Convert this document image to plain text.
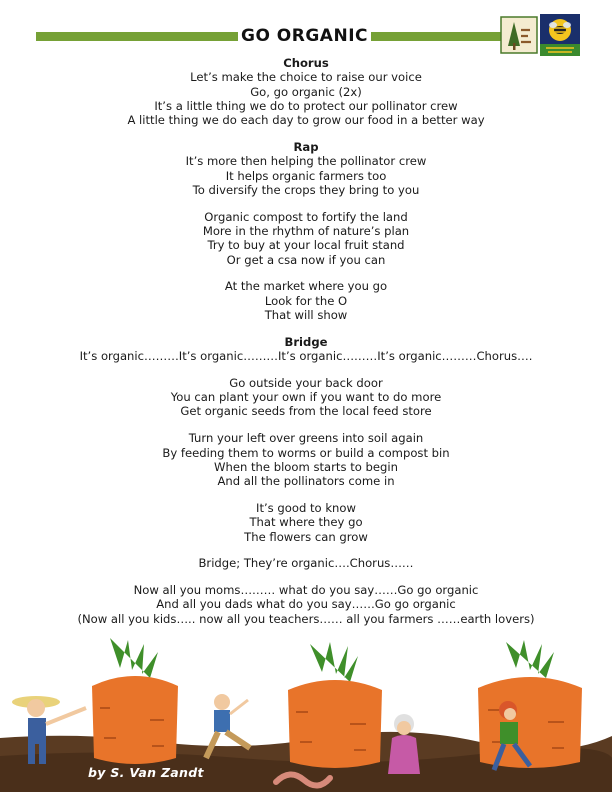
GO ORGANIC
Chorus
Let’s make the choice to raise our voice
Go, go organic (2x)
It’s a little thing we do to protect our pollinator crew
A little thing we do each day to grow our food in a better way
Rap
It’s more then helping the pollinator crew
It helps organic farmers too
To diversify the crops they bring to you
Organic compost to fortify the land
More in the rhythm of nature’s plan
Try to buy at your local fruit stand
Or get a csa now if you can
At the market where you go
Look for the O
That will show
Bridge
It’s organic………It’s organic………It’s organic………It’s organic………Chorus….
Go outside your back door
You can plant your own if you want to do more
Get organic seeds from the local feed store
Turn your left over greens into soil again
By feeding them to worms or build a compost bin
When the bloom starts to begin
And all the pollinators come in
It’s good to know
That where they go
The flowers can grow
Bridge; They’re organic….Chorus……
Now all you moms……… what do you say……Go go organic
And all you dads what do you say……Go go organic
(Now all you kids….. now all you teachers…… all you farmers ……earth lovers)
by S. Van Zandt
